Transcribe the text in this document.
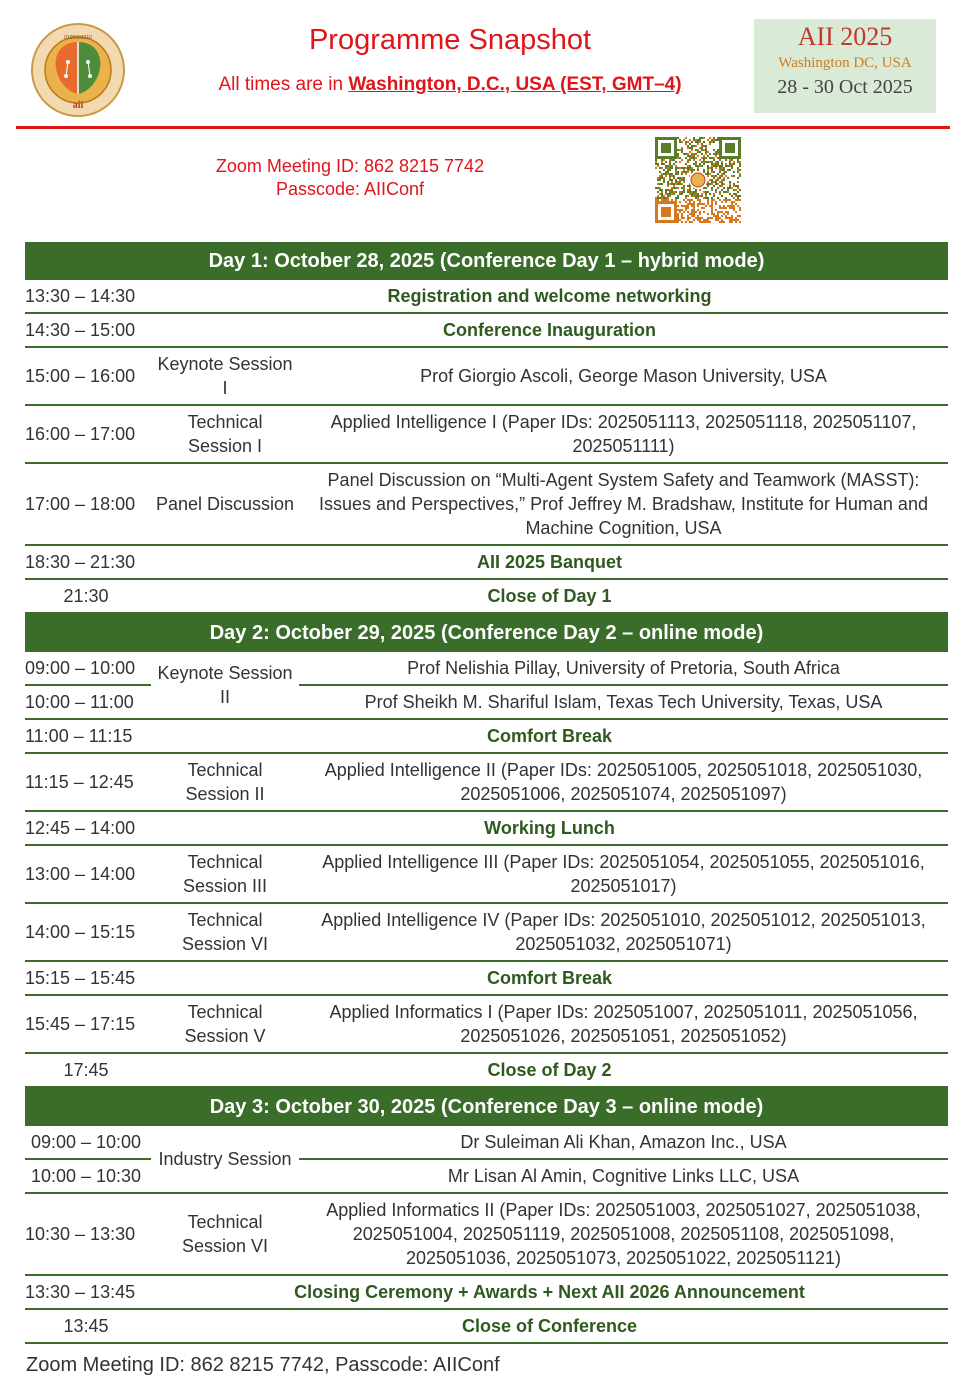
aii
0100001010	Programme Snapshot
All times are in Washington, D.C., USA (EST, GMT–4)
AII 2025
Washington DC, USA
28 - 30 Oct 2025
Zoom Meeting ID: 862 8215 7742
Passcode: AIIConf
Day 1: October 28, 2025 (Conference Day 1 – hybrid mode)		
13:30 – 14:30	Registration and welcome networking	
14:30 – 15:00	Conference Inauguration	
15:00 – 16:00	Keynote Session I	Prof Giorgio Ascoli, George Mason University, USA
16:00 – 17:00	Technical Session I	Applied Intelligence I (Paper IDs: 2025051113, 2025051118, 2025051107, 2025051111)
17:00 – 18:00	Panel Discussion	Panel Discussion on “Multi-Agent System Safety and Teamwork (MASST): Issues and Perspectives,” Prof Jeffrey M. Bradshaw, Institute for Human and Machine Cognition, USA
18:30 – 21:30	AII 2025 Banquet	
21:30	Close of Day 1	
Day 2: October 29, 2025 (Conference Day 2 – online mode)		
09:00 – 10:00	Keynote Session II	Prof Nelishia Pillay, University of Pretoria, South Africa
10:00 – 11:00		Prof Sheikh M. Shariful Islam, Texas Tech University, Texas, USA
11:00 – 11:15	Comfort Break	
11:15 – 12:45	Technical Session II	Applied Intelligence II (Paper IDs: 2025051005, 2025051018, 2025051030, 2025051006, 2025051074, 2025051097)
12:45 – 14:00	Working Lunch	
13:00 – 14:00	Technical Session III	Applied Intelligence III (Paper IDs: 2025051054, 2025051055, 2025051016, 2025051017)
14:00 – 15:15	Technical Session VI	Applied Intelligence IV (Paper IDs: 2025051010, 2025051012, 2025051013, 2025051032, 2025051071)
15:15 – 15:45	Comfort Break	
15:45 – 17:15	Technical Session V	Applied Informatics I (Paper IDs: 2025051007, 2025051011, 2025051056, 2025051026, 2025051051, 2025051052)
17:45	Close of Day 2	
Day 3: October 30, 2025 (Conference Day 3 – online mode)		
09:00 – 10:00	Industry Session	Dr Suleiman Ali Khan, Amazon Inc., USA
10:00 – 10:30		Mr Lisan Al Amin, Cognitive Links LLC, USA
10:30 – 13:30	Technical Session VI	Applied Informatics II (Paper IDs: 2025051003, 2025051027, 2025051038, 2025051004, 2025051119, 2025051008, 2025051108, 2025051098, 2025051036, 2025051073, 2025051022, 2025051121)
13:30 – 13:45	Closing Ceremony + Awards + Next AII 2026 Announcement	
13:45	Close of Conference	
Zoom Meeting ID: 862 8215 7742, Passcode: AIIConf
